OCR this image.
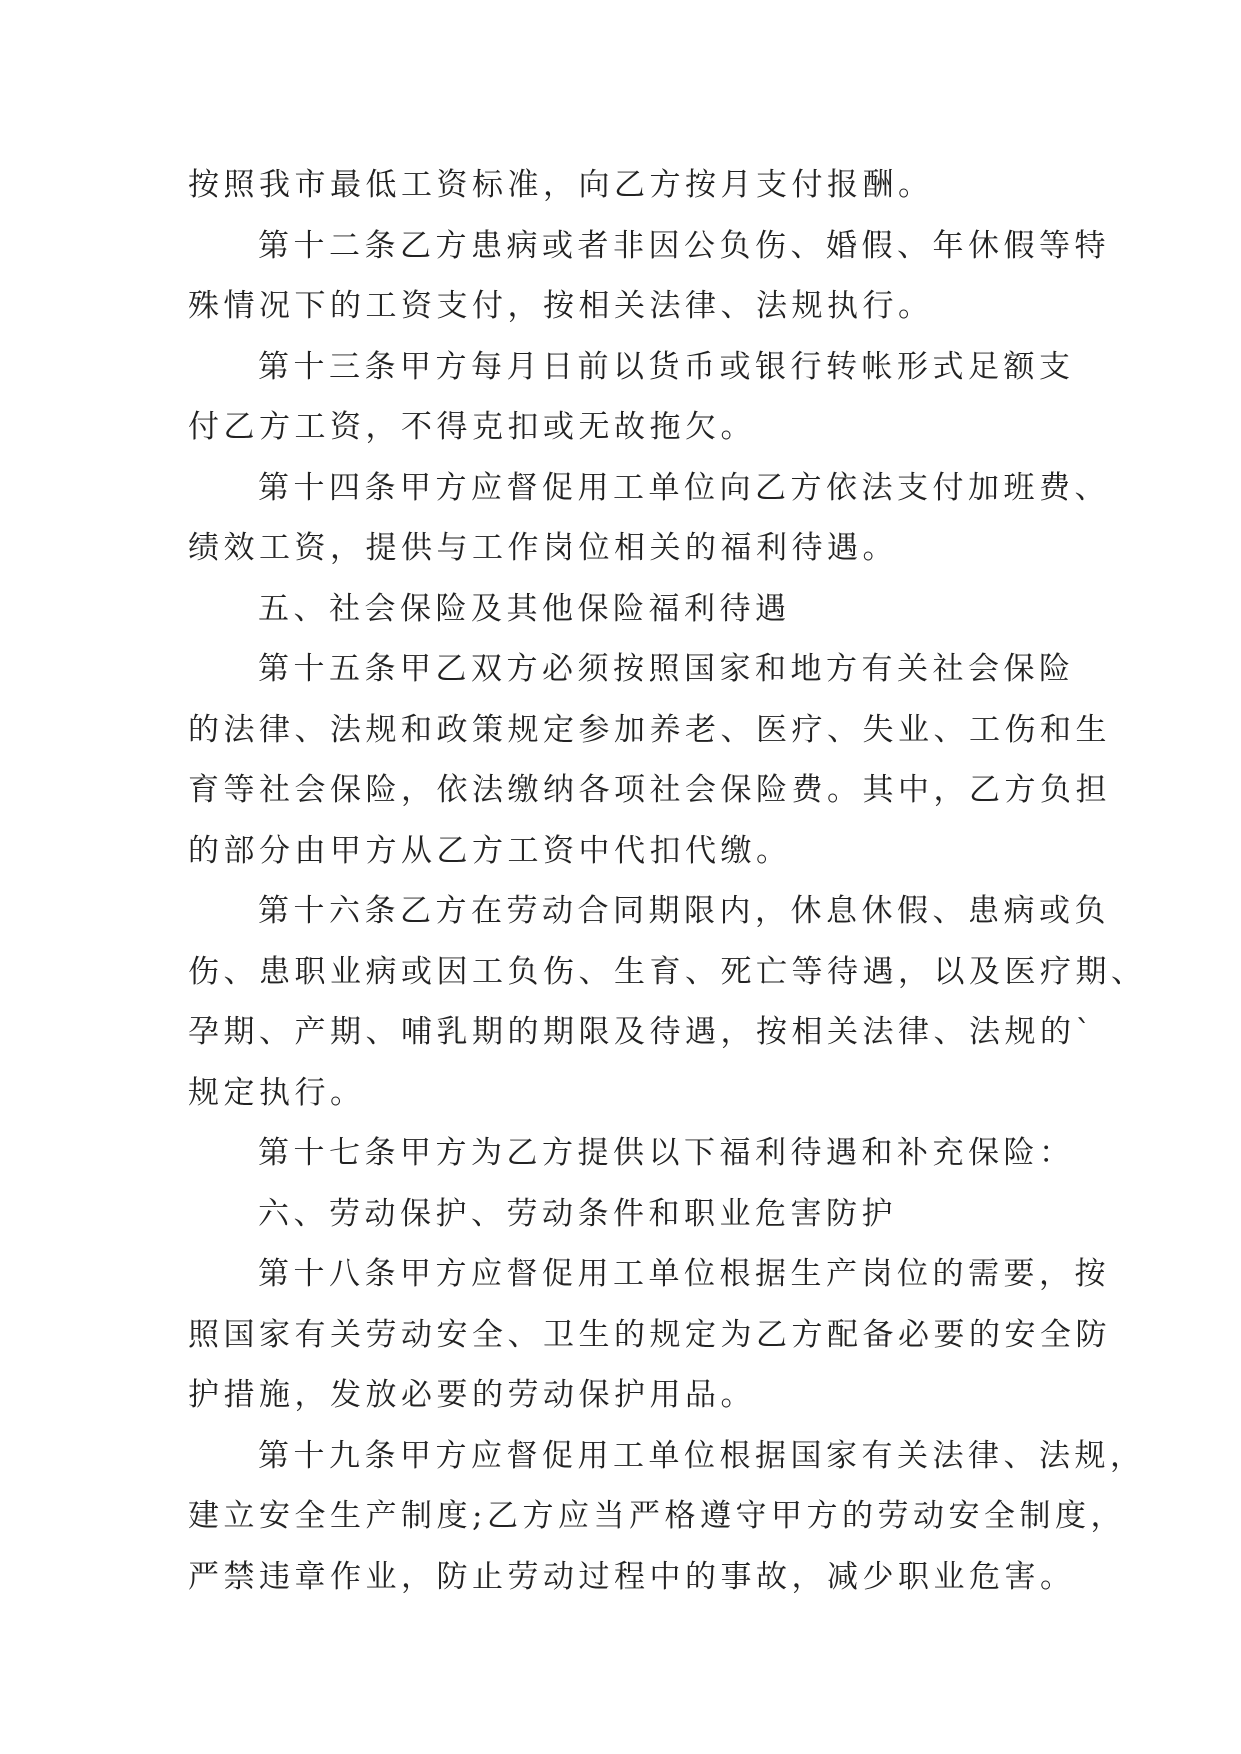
按照我市最低工资标准，向乙方按月支付报酬。
第十二条乙方患病或者非因公负伤、婚假、年休假等特
殊情况下的工资支付，按相关法律、法规执行。
第十三条甲方每月日前以货币或银行转帐形式足额支
付乙方工资，不得克扣或无故拖欠。
第十四条甲方应督促用工单位向乙方依法支付加班费、
绩效工资，提供与工作岗位相关的福利待遇。
五、社会保险及其他保险福利待遇
第十五条甲乙双方必须按照国家和地方有关社会保险
的法律、法规和政策规定参加养老、医疗、失业、工伤和生
育等社会保险，依法缴纳各项社会保险费。其中，乙方负担
的部分由甲方从乙方工资中代扣代缴。
第十六条乙方在劳动合同期限内，休息休假、患病或负
伤、患职业病或因工负伤、生育、死亡等待遇，以及医疗期、
孕期、产期、哺乳期的期限及待遇，按相关法律、法规的`
规定执行。
第十七条甲方为乙方提供以下福利待遇和补充保险：
六、劳动保护、劳动条件和职业危害防护
第十八条甲方应督促用工单位根据生产岗位的需要，按
照国家有关劳动安全、卫生的规定为乙方配备必要的安全防
护措施，发放必要的劳动保护用品。
第十九条甲方应督促用工单位根据国家有关法律、法规，
建立安全生产制度;乙方应当严格遵守甲方的劳动安全制度，
严禁违章作业，防止劳动过程中的事故，减少职业危害。
